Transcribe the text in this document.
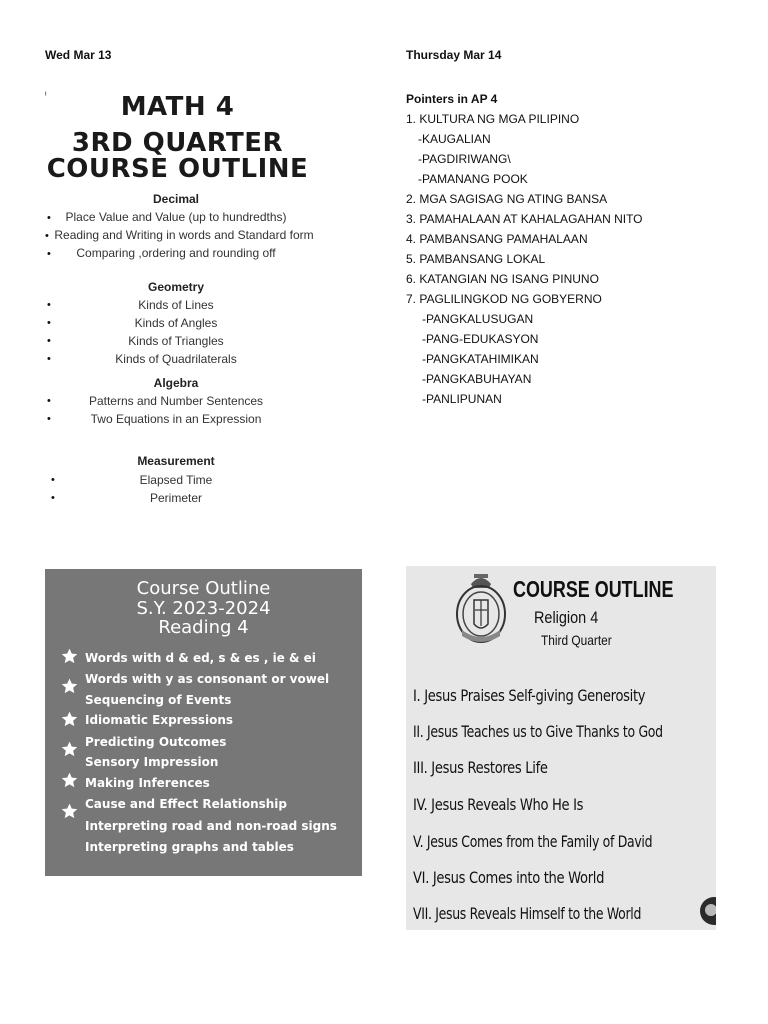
Wed Mar 13	Thursday Mar 14
ᶦ	MATH 4
3RD QUARTER
COURSE OUTLINE
Decimal
•	Place Value and Value (up to hundredths)
• Reading and Writing in words and Standard form
•	Comparing ,ordering and rounding off
Geometry
•	Kinds of Lines
•	Kinds of Angles
•	Kinds of Triangles
•	Kinds of Quadrilaterals
Algebra
•	Patterns and Number Sentences
•	Two Equations in an Expression
Measurement
•	Elapsed Time
•	Perimeter
Pointers in AP 4
1. KULTURA NG MGA PILIPINO
-KAUGALIAN
-PAGDIRIWANG\
-PAMANANG POOK
2. MGA SAGISAG NG ATING BANSA
3. PAMAHALAAN AT KAHALAGAHAN NITO
4. PAMBANSANG PAMAHALAAN
5. PAMBANSANG LOKAL
6. KATANGIAN NG ISANG PINUNO
7. PAGLILINGKOD NG GOBYERNO
-PANGKALUSUGAN
-PANG-EDUKASYON
-PANGKATAHIMIKAN
-PANGKABUHAYAN
-PANLIPUNAN
Course Outline
S.Y. 2023-2024
Reading 4
Words with d & ed, s & es , ie & ei
Words with y as consonant or vowel
Sequencing of Events
Idiomatic Expressions
Predicting Outcomes
Sensory Impression
Making Inferences
Cause and Effect Relationship
Interpreting road and non-road signs
Interpreting graphs and tables
COURSE OUTLINE
Religion 4
Third Quarter
I. Jesus Praises Self-giving Generosity
II. Jesus Teaches us to Give Thanks to God
III. Jesus Restores Life
IV. Jesus Reveals Who He Is
V. Jesus Comes from the Family of David
VI. Jesus Comes into the World
VII. Jesus Reveals Himself to the World
